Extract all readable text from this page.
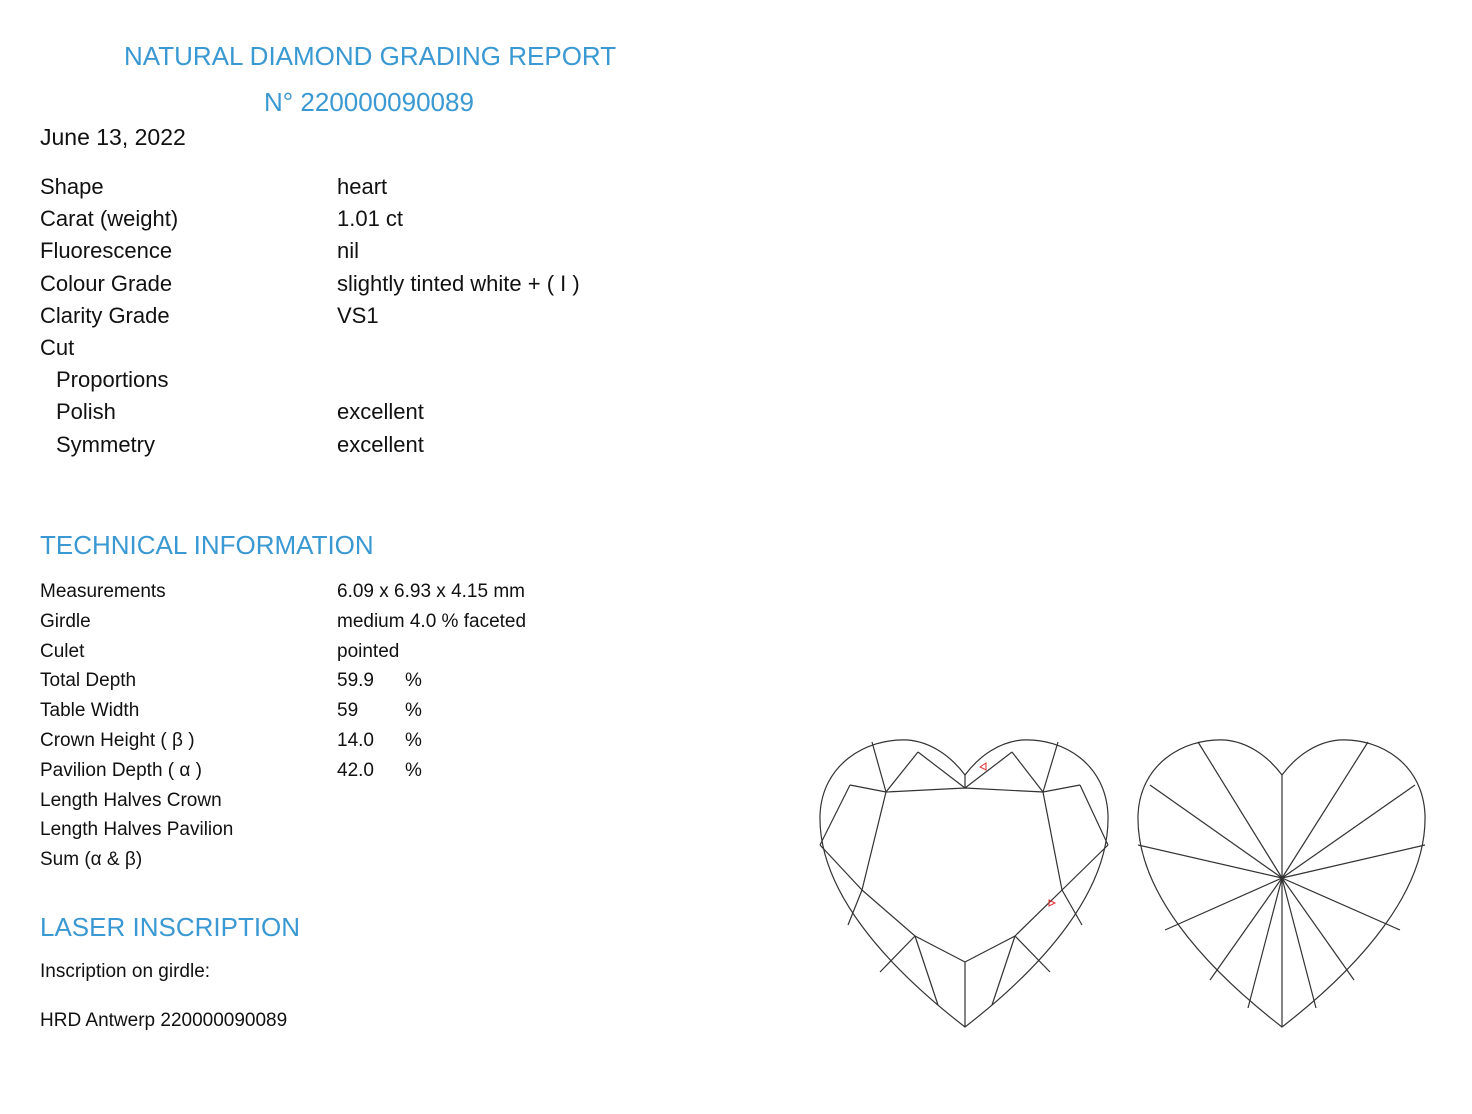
NATURAL DIAMOND GRADING REPORT
N° 220000090089
June 13, 2022
Shape	heart
Carat (weight)	1.01 ct
Fluorescence	nil
Colour Grade	slightly tinted white + ( I )
Clarity Grade	VS1
Cut
Proportions
Polish	excellent
Symmetry	excellent
TECHNICAL INFORMATION
Measurements	6.09 x 6.93 x 4.15 mm
Girdle	medium 4.0 % faceted
Culet	pointed
Total Depth	59.9 %
Table Width	59 %
Crown Height ( β )	14.0 %
Pavilion Depth ( α )	42.0 %
Length Halves Crown
Length Halves Pavilion
Sum (α & β)
LASER INSCRIPTION
Inscription on girdle:
HRD Antwerp 220000090089
